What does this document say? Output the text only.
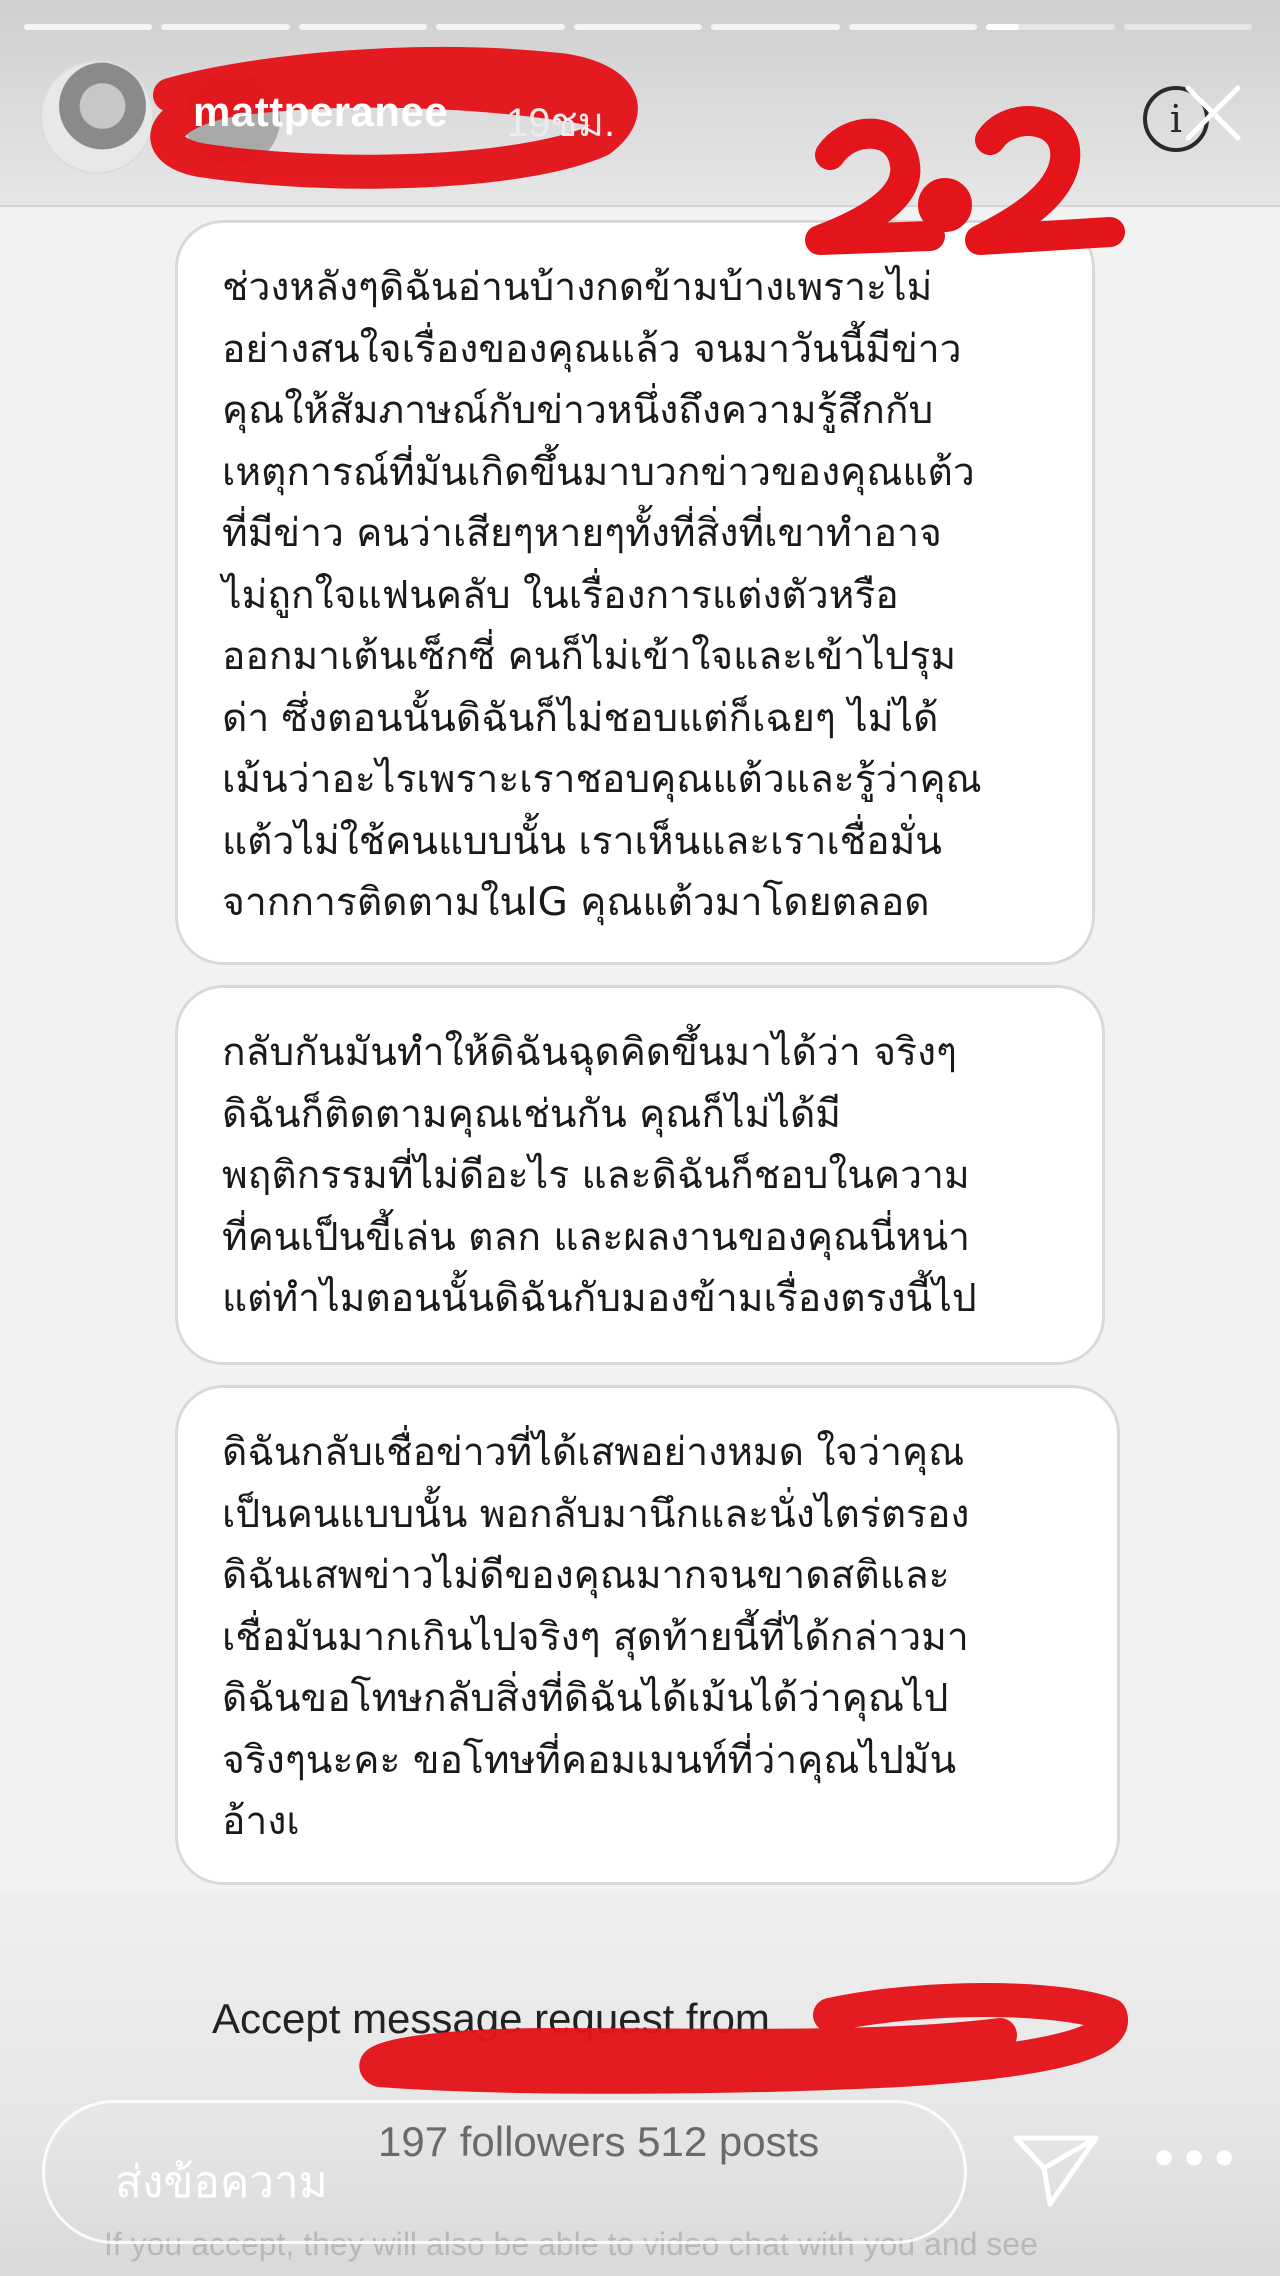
mattperanee 19ชม.	i
ช่วงหลังๆดิฉันอ่านบ้างกดข้ามบ้างเพราะไม่
อย่างสนใจเรื่องของคุณแล้ว จนมาวันนี้มีข่าว
คุณให้สัมภาษณ์กับข่าวหนึ่งถึงความรู้สึกกับ
เหตุการณ์ที่มันเกิดขึ้นมาบวกข่าวของคุณแต้ว
ที่มีข่าว คนว่าเสียๆหายๆทั้งที่สิ่งที่เขาทำอาจ
ไม่ถูกใจแฟนคลับ ในเรื่องการแต่งตัวหรือ
ออกมาเต้นเซ็กซี่ คนก็ไม่เข้าใจและเข้าไปรุม
ด่า ซึ่งตอนนั้นดิฉันก็ไม่ชอบแต่ก็เฉยๆ ไม่ได้
เม้นว่าอะไรเพราะเราชอบคุณแต้วและรู้ว่าคุณ
แต้วไม่ใช้คนแบบนั้น เราเห็นและเราเชื่อมั่น
จากการติดตามในIG คุณแต้วมาโดยตลอด
กลับกันมันทำให้ดิฉันฉุดคิดขึ้นมาได้ว่า จริงๆ
ดิฉันก็ติดตามคุณเช่นกัน คุณก็ไม่ได้มี
พฤติกรรมที่ไม่ดีอะไร และดิฉันก็ชอบในความ
ที่คนเป็นขี้เล่น ตลก และผลงานของคุณนี่หน่า
แต่ทำไมตอนนั้นดิฉันกับมองข้ามเรื่องตรงนี้ไป
ดิฉันกลับเชื่อข่าวที่ได้เสพอย่างหมด ใจว่าคุณ
เป็นคนแบบนั้น พอกลับมานึกและนั่งไตร่ตรอง
ดิฉันเสพข่าวไม่ดีของคุณมากจนขาดสติและ
เชื่อมันมากเกินไปจริงๆ สุดท้ายนี้ที่ได้กล่าวมา
ดิฉันขอโทษกลับสิ่งที่ดิฉันได้เม้นได้ว่าคุณไป
จริงๆนะคะ ขอโทษที่คอมเมนท์ที่ว่าคุณไปมัน
อ้างเ
Accept message request from
197 followers 512 posts
If you accept, they will also be able to video chat with you and see
ส่งข้อความ	•••
